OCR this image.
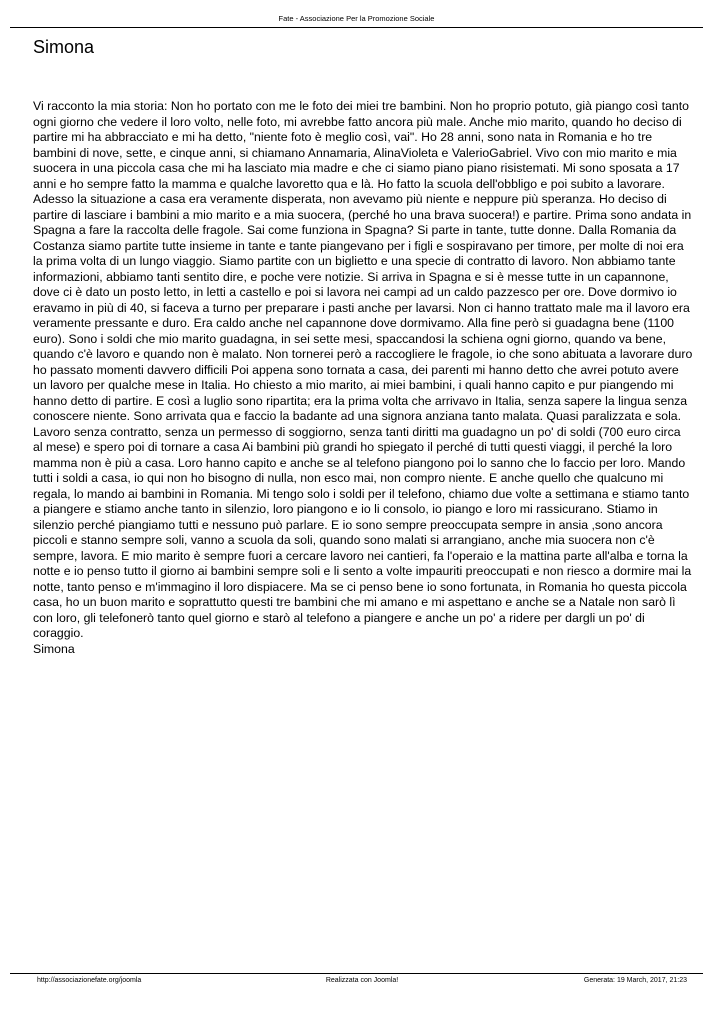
Fate - Associazione Per la Promozione Sociale
Simona
Vi racconto la mia storia: Non ho portato con me le foto dei miei tre bambini. Non ho proprio potuto, già piango così tanto ogni giorno che vedere il loro volto, nelle foto, mi avrebbe fatto ancora più male. Anche mio marito, quando ho deciso di partire mi ha abbracciato e mi ha detto, "niente foto è meglio così, vai". Ho 28 anni, sono nata in Romania e ho tre bambini di nove, sette, e cinque anni, si chiamano Annamaria, AlinaVioleta e ValerioGabriel. Vivo con mio marito e mia suocera in una piccola casa che mi ha lasciato mia madre e che ci siamo piano piano risistemati. Mi sono sposata a 17 anni e ho sempre fatto la mamma e qualche lavoretto qua e là. Ho fatto la scuola dell'obbligo e poi subito a lavorare. Adesso la situazione a casa era veramente disperata, non avevamo più niente e neppure più speranza. Ho deciso di partire di lasciare i bambini a mio marito e a mia suocera, (perché ho una brava suocera!) e partire. Prima sono andata in Spagna a fare la raccolta delle fragole. Sai come funziona in Spagna? Si parte in tante, tutte donne. Dalla Romania da Costanza siamo partite tutte insieme in tante e tante piangevano per i figli e sospiravano per timore, per molte di noi era la prima volta di un lungo viaggio. Siamo partite con un biglietto e una specie di contratto di lavoro. Non abbiamo tante informazioni, abbiamo tanti sentito dire, e poche vere notizie. Si arriva in Spagna e si è messe tutte in un capannone, dove ci è dato un posto letto, in letti a castello e poi si lavora nei campi ad un caldo pazzesco per ore. Dove dormivo io eravamo in più di 40, si faceva a turno per preparare i pasti anche per lavarsi. Non ci hanno trattato male ma il lavoro era veramente pressante e duro. Era caldo anche nel capannone dove dormivamo. Alla fine però si guadagna bene (1100 euro). Sono i soldi che mio marito guadagna, in sei sette mesi, spaccandosi la schiena ogni giorno, quando va bene, quando c'è lavoro e quando non è malato. Non tornerei però a raccogliere le fragole, io che sono abituata a lavorare duro ho passato momenti davvero difficili Poi appena sono tornata a casa, dei parenti mi hanno detto che avrei potuto avere un lavoro per qualche mese in Italia. Ho chiesto a mio marito, ai miei bambini, i quali hanno capito e pur piangendo mi hanno detto di partire. E così a luglio sono ripartita; era la prima volta che arrivavo in Italia, senza sapere la lingua senza conoscere niente. Sono arrivata qua e faccio la badante ad una signora anziana tanto malata. Quasi paralizzata e sola. Lavoro senza contratto, senza un permesso di soggiorno, senza tanti diritti ma guadagno un po' di soldi (700 euro circa al mese) e spero poi di tornare a casa Ai bambini più grandi ho spiegato il perché di tutti questi viaggi, il perché la loro mamma non è più a casa. Loro hanno capito e anche se al telefono piangono poi lo sanno che lo faccio per loro. Mando tutti i soldi a casa, io qui non ho bisogno di nulla, non esco mai, non compro niente. E anche quello che qualcuno mi regala, lo mando ai bambini in Romania. Mi tengo solo i soldi per il telefono, chiamo due volte a settimana e stiamo tanto a piangere e stiamo anche tanto in silenzio, loro piangono e io li consolo, io piango e loro mi rassicurano. Stiamo in silenzio perché piangiamo tutti e nessuno può parlare. E io sono sempre preoccupata sempre in ansia ,sono ancora piccoli e stanno sempre soli, vanno a scuola da soli, quando sono malati si arrangiano, anche mia suocera non c'è sempre, lavora. E mio marito è sempre fuori a cercare lavoro nei cantieri, fa l'operaio e la mattina parte all'alba e torna la notte e io penso tutto il giorno ai bambini sempre soli e li sento a volte impauriti preoccupati e non riesco a dormire mai la notte, tanto penso e m'immagino il loro dispiacere. Ma se ci penso bene io sono fortunata, in Romania ho questa piccola casa, ho un buon marito e soprattutto questi tre bambini che mi amano e mi aspettano e anche se a Natale non sarò lì con loro, gli telefonerò tanto quel giorno e starò al telefono a piangere e anche un po' a ridere per dargli un po' di coraggio.
Simona
http://associazionefate.org/joomla	Realizzata con Joomla!	Generata: 19 March, 2017, 21:23
